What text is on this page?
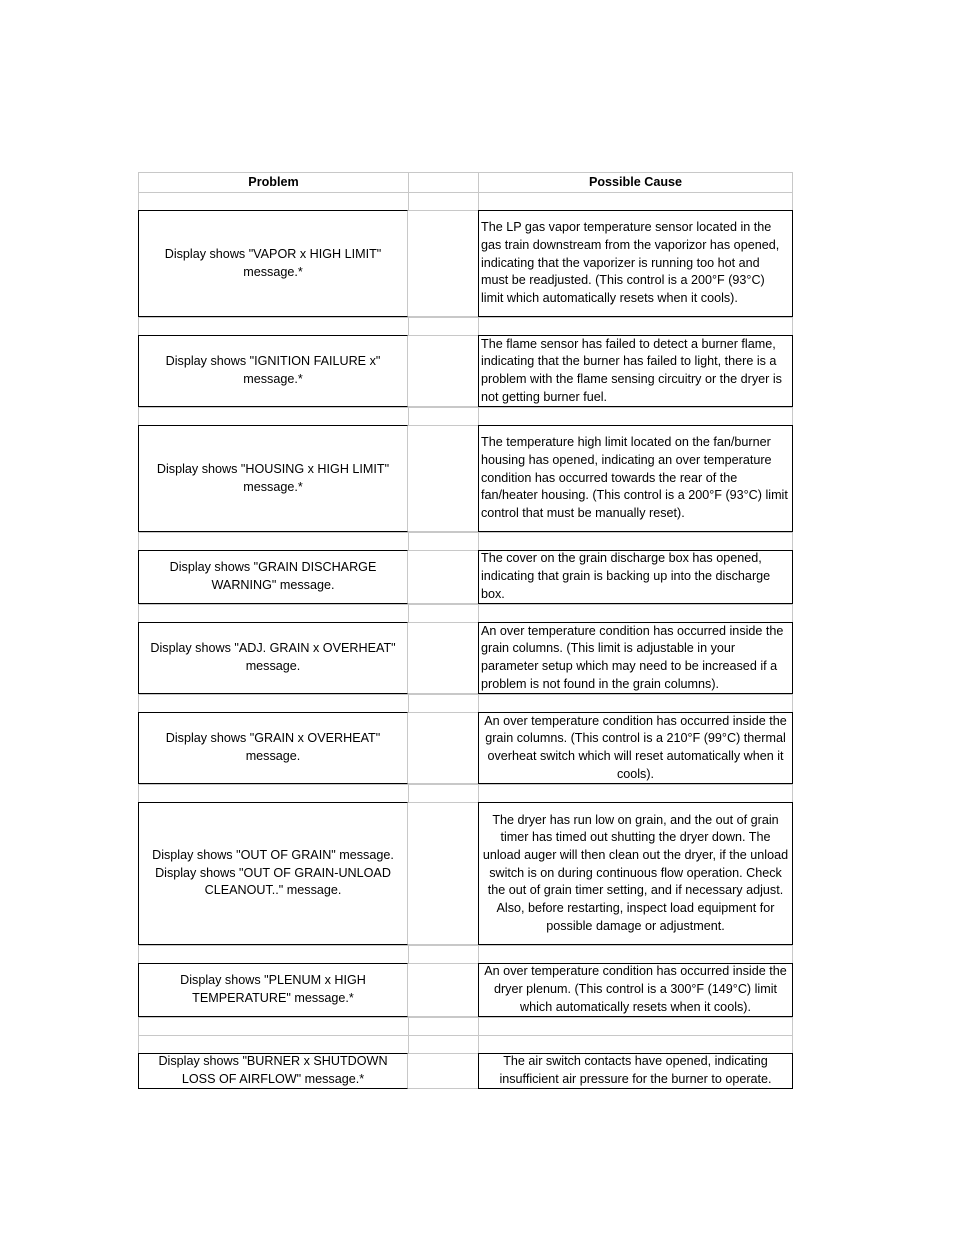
Problem	Possible Cause
Display shows "VAPOR x HIGH LIMIT" message.*
The LP gas vapor temperature sensor located in the gas train downstream from the vaporizor has opened, indicating that the vaporizer is running too hot and must be readjusted. (This control is a 200°F (93°C) limit which automatically resets when it cools).
Display shows "IGNITION FAILURE x" message.*
The flame sensor has failed to detect a burner flame, indicating that the burner has failed to light, there is a problem with the flame sensing circuitry or the dryer is not getting burner fuel.
Display shows "HOUSING x HIGH LIMIT" message.*
The temperature high limit located on the fan/burner housing has opened, indicating an over temperature condition has occurred towards the rear of the fan/heater housing. (This control is a 200°F (93°C) limit control that must be manually reset).
Display shows "GRAIN DISCHARGE WARNING" message.
The cover on the grain discharge box has opened, indicating that grain is backing up into the discharge box.
Display shows "ADJ. GRAIN x OVERHEAT" message.
An over temperature condition has occurred inside the grain columns. (This limit is adjustable in your parameter setup which may need to be increased if a problem is not found in the grain columns).
Display shows "GRAIN x OVERHEAT" message.
An over temperature condition has occurred inside the grain columns. (This control is a 210°F (99°C) thermal overheat switch which will reset automatically when it cools).
Display shows "OUT OF GRAIN" message. Display shows "OUT OF GRAIN-UNLOAD CLEANOUT.." message.
The dryer has run low on grain, and the out of grain timer has timed out shutting the dryer down. The unload auger will then clean out the dryer, if the unload switch is on during continuous flow operation. Check the out of grain timer setting, and if necessary adjust. Also, before restarting, inspect load equipment for possible damage or adjustment.
Display shows "PLENUM x HIGH TEMPERATURE" message.*
An over temperature condition has occurred inside the dryer plenum. (This control is a 300°F (149°C) limit which automatically resets when it cools).
Display shows "BURNER x SHUTDOWN LOSS OF AIRFLOW" message.*
The air switch contacts have opened, indicating insufficient air pressure for the burner to operate.
